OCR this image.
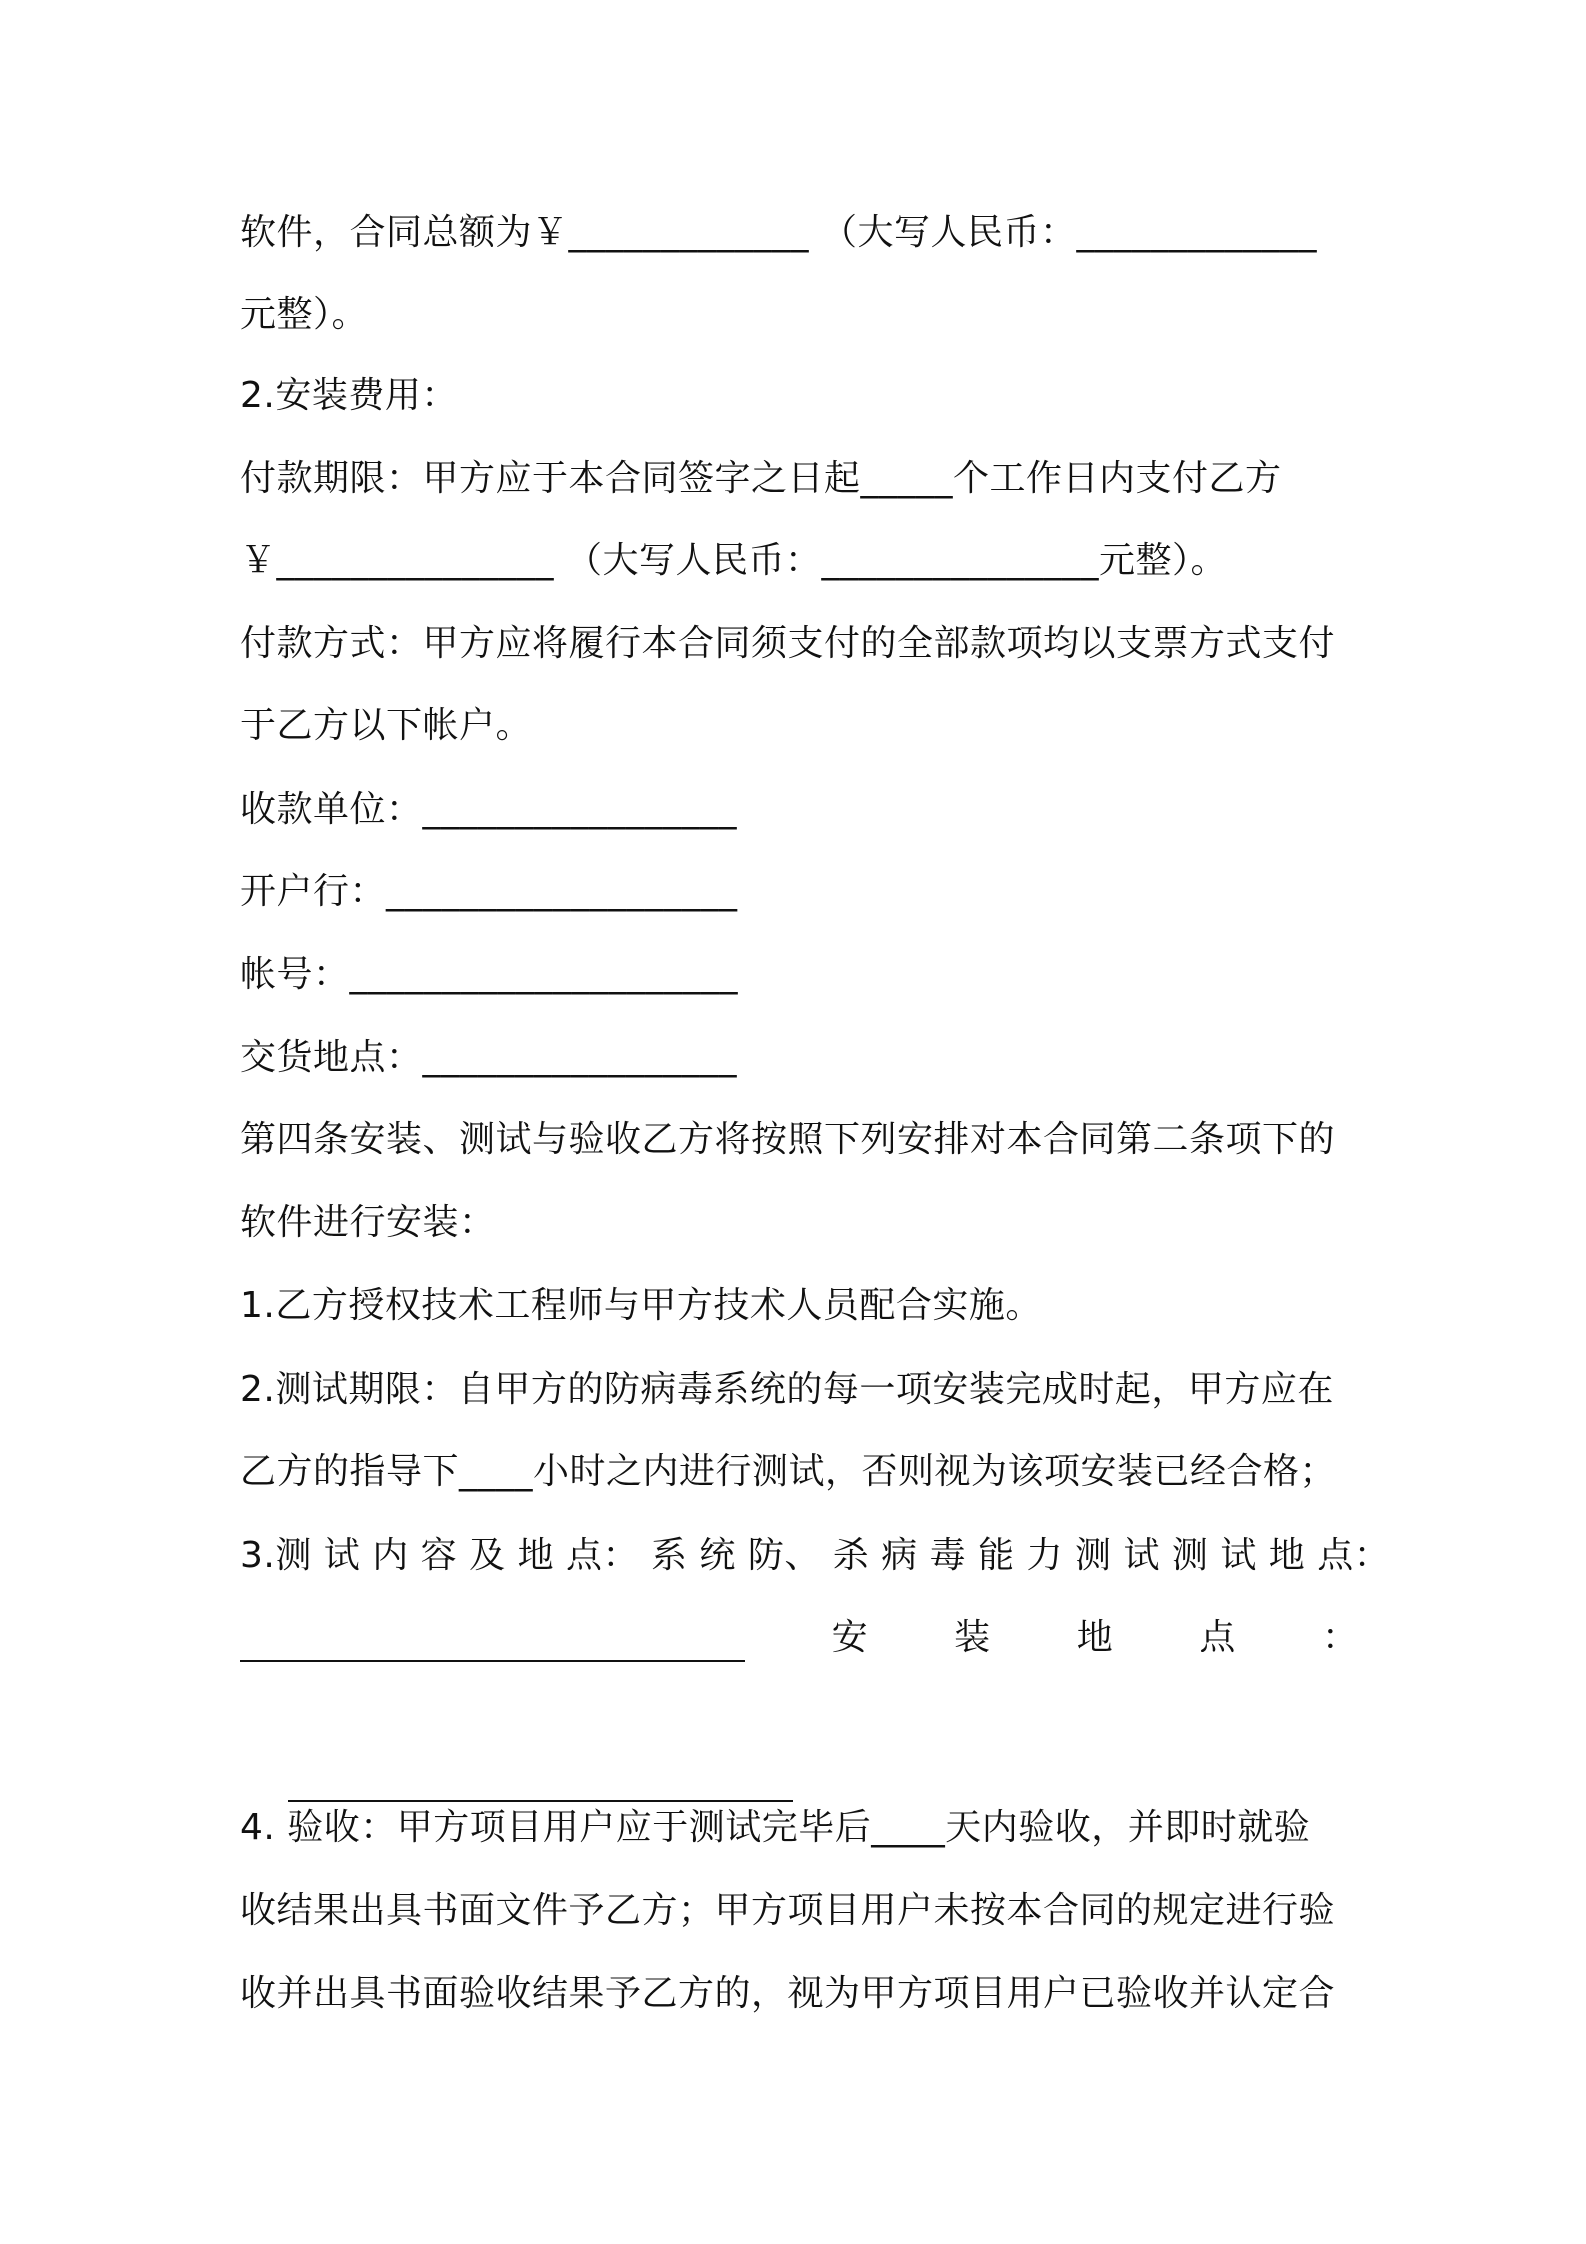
软件，合同总额为￥_____________ （大写人民币：_____________
元整）。
2.安装费用：
付款期限：甲方应于本合同签字之日起_____个工作日内支付乙方
￥_______________ （大写人民币：_______________元整）。
付款方式：甲方应将履行本合同须支付的全部款项均以支票方式支付
于乙方以下帐户。
收款单位：_________________
开户行：___________________
帐号：_____________________
交货地点：_________________
第四条安装、测试与验收乙方将按照下列安排对本合同第二条项下的
软件进行安装：
1.乙方授权技术工程师与甲方技术人员配合实施。
2.测试期限：自甲方的防病毒系统的每一项安装完成时起，甲方应在
乙方的指导下____小时之内进行测试，否则视为该项安装已经合格；
3.测 试 内 容 及 地 点： 系 统 防、 杀 病 毒 能 力 测 试 测 试 地 点：
安 装 地 点 ：

4. 验收：甲方项目用户应于测试完毕后____天内验收，并即时就验
收结果出具书面文件予乙方；甲方项目用户未按本合同的规定进行验
收并出具书面验收结果予乙方的，视为甲方项目用户已验收并认定合
